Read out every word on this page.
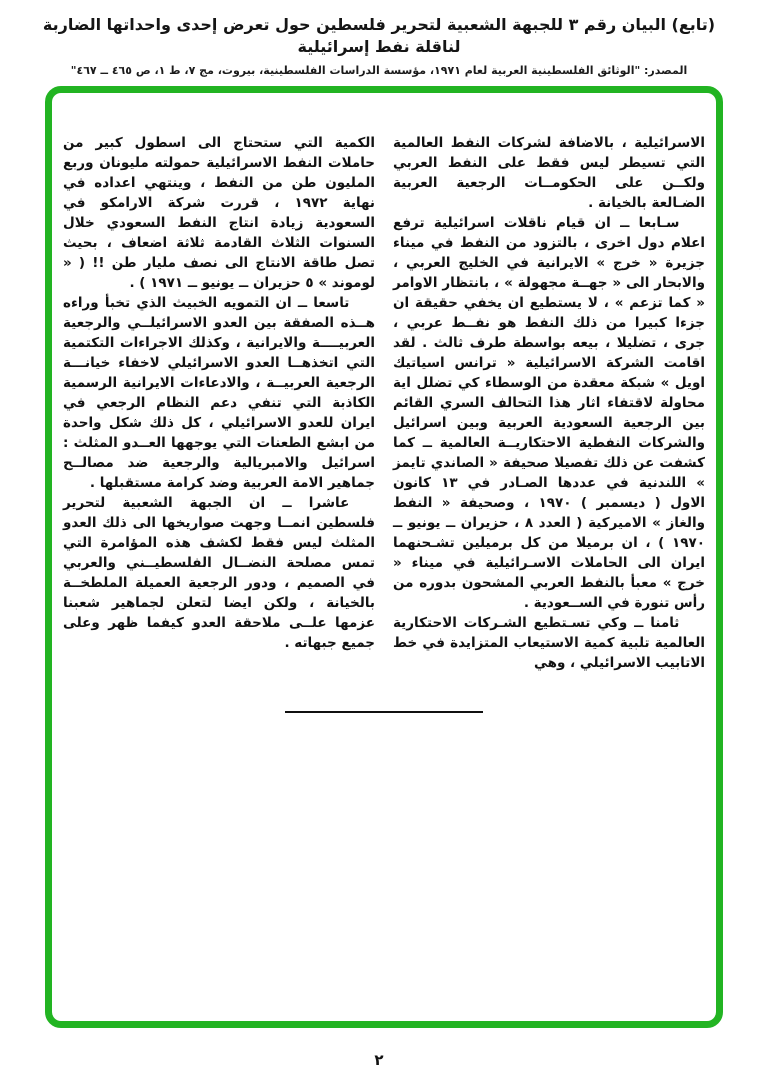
(تابع) البيان رقم ٣ للجبهة الشعبية لتحرير فلسطين حول تعرض إحدى واحداتها الضاربة لناقلة نفط إسرائيلية
المصدر: "الوثائق الفلسطينية العربية لعام ١٩٧١، مؤسسة الدراسات الفلسطينية، بيروت، مج ٧، ط ١، ص ٤٦٥ ــ ٤٦٧"

الاسرائيلية ، بالاضافة لشركات النفط العالمية التي تسيطر ليس فقط على النفط العربي ولكــن على الحكومــات الرجعية العربية الضـالعة بالخيانة .

سـابعا ــ ان قيام ناقلات اسرائيلية ترفع اعلام دول اخرى ، بالتزود من النفط في ميناء جزيرة « خرج » الايرانية في الخليج العربي ، والابحار الى « جهــة مجهولة » ، بانتظار الاوامر « كما تزعم » ، لا يستطيع ان يخفي حقيقة ان جزءا كبيرا من ذلك النفط هو نفــط عربي ، جرى ، تضليلا ، بيعه بواسطة طرف ثالث . لقد اقامت الشركة الاسرائيلية « ترانس اسياتيك اويل » شبكة معقدة من الوسطاء كي تضلل اية محاولة لاقتفاء اثار هذا التحالف السري القائم بين الرجعية السعودية العربية وبين اسرائيل والشركات النفطية الاحتكاريــة العالمية ــ كما كشفت عن ذلك تفصيلا صحيفة « الصاندي تايمز » اللندنية في عددها الصـادر في ١٣ كانون الاول ( ديسمبر ) ١٩٧٠ ، وصحيفة « النفط والغاز » الاميركية ( العدد ٨ ، حزيران ــ يونيو ــ ١٩٧٠ ) ، ان برميلا من كل برميلين تشـحنهما ايران الى الحاملات الاسـرائيلية في ميناء « خرج » معبأ بالنفط العربي المشحون بدوره من رأس تنورة في الســعودية .

ثامنا ــ وكي تسـتطيع الشـركات الاحتكارية العالمية تلبية كمية الاستيعاب المتزايدة في خط الاتابيب الاسرائيلي ، وهي

الكمية التي ستحتاج الى اسطول كبير من حاملات النفط الاسرائيلية حمولته مليونان وربع المليون طن من النفط ، وينتهي اعداده في نهاية ١٩٧٢ ، قررت شركة الارامكو في السعودية زيادة انتاج النفط السعودي خلال السنوات الثلاث القادمة ثلاثة اضعاف ، بحيث تصل طاقة الانتاج الى نصف مليار طن !! ( « لوموند » ٥ حزيران ــ يونيو ــ ١٩٧١ ) .

تاسعا ــ ان التمويه الخبيث الذي تخبأ وراءه هــذه الصفقة بين العدو الاسرائيلــي والرجعية العربيــــة والايرانية ، وكذلك الاجراءات التكتمية التي اتخذهــا العدو الاسرائيلي لاخفاء خيانـــة الرجعية العربيــة ، والادعاءات الايرانية الرسمية الكاذبة التي تنفي دعم النظام الرجعي في ايران للعدو الاسرائيلي ، كل ذلك شكل واحدة من ابشع الطعنات التي يوجهها العــدو المثلث : اسرائيل والامبريالية والرجعية ضد مصالــح جماهير الامة العربية وضد كرامة مستقبلها .

عاشرا ــ ان الجبهة الشعبية لتحرير فلسطين انمــا وجهت صواريخها الى ذلك العدو المثلث ليس فقط لكشف هذه المؤامرة التي تمس مصلحة النضــال الفلسطيــني والعربي في الصميم ، ودور الرجعية العميلة الملطخــة بالخيانة ، ولكن ايضا لتعلن لجماهير شعبنا عزمها علــى ملاحقة العدو كيفما ظهر وعلى جميع جبهاته .

٢
